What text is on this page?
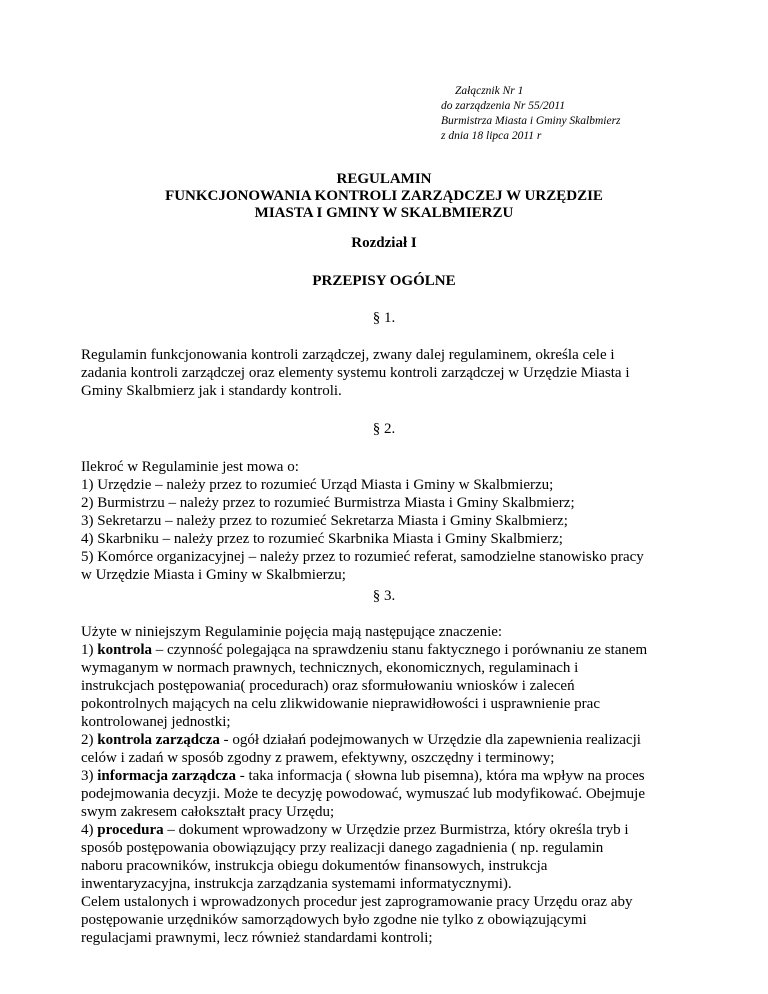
Załącznik Nr 1
do zarządzenia Nr 55/2011
Burmistrza Miasta i Gminy Skalbmierz
z dnia 18 lipca 2011 r
REGULAMIN
FUNKCJONOWANIA KONTROLI ZARZĄDCZEJ W URZĘDZIE
MIASTA I GMINY W SKALBMIERZU
Rozdział I
PRZEPISY OGÓLNE
§ 1.
Regulamin funkcjonowania kontroli zarządczej, zwany dalej regulaminem, określa cele i
zadania kontroli zarządczej oraz elementy systemu kontroli zarządczej w Urzędzie Miasta i
Gminy Skalbmierz jak i standardy kontroli.
§ 2.
Ilekroć w Regulaminie jest mowa o:
1) Urzędzie – należy przez to rozumieć Urząd Miasta i Gminy w Skalbmierzu;
2) Burmistrzu – należy przez to rozumieć Burmistrza Miasta i Gminy Skalbmierz;
3) Sekretarzu – należy przez to rozumieć Sekretarza Miasta i Gminy Skalbmierz;
4) Skarbniku – należy przez to rozumieć Skarbnika Miasta i Gminy Skalbmierz;
5) Komórce organizacyjnej – należy przez to rozumieć referat, samodzielne stanowisko pracy
w Urzędzie Miasta i Gminy w Skalbmierzu;
§ 3.
Użyte w niniejszym Regulaminie pojęcia mają następujące znaczenie:
1) kontrola – czynność polegająca na sprawdzeniu stanu faktycznego i porównaniu ze stanem
wymaganym w normach prawnych, technicznych, ekonomicznych, regulaminach i
instrukcjach postępowania( procedurach) oraz sformułowaniu wniosków i zaleceń
pokontrolnych mających na celu zlikwidowanie nieprawidłowości i usprawnienie prac
kontrolowanej jednostki;
2) kontrola zarządcza - ogół działań podejmowanych w Urzędzie dla zapewnienia realizacji
celów i zadań w sposób zgodny z prawem, efektywny, oszczędny i terminowy;
3) informacja zarządcza - taka informacja ( słowna lub pisemna), która ma wpływ na proces
podejmowania decyzji. Może te decyzję powodować, wymuszać lub modyfikować. Obejmuje
swym zakresem całokształt pracy Urzędu;
4) procedura – dokument wprowadzony w Urzędzie przez Burmistrza, który określa tryb i
sposób postępowania obowiązujący przy realizacji danego zagadnienia ( np. regulamin
naboru pracowników, instrukcja obiegu dokumentów finansowych, instrukcja
inwentaryzacyjna, instrukcja zarządzania systemami informatycznymi).
Celem ustalonych i wprowadzonych procedur jest zaprogramowanie pracy Urzędu oraz aby
postępowanie urzędników samorządowych było zgodne nie tylko z obowiązującymi
regulacjami prawnymi, lecz również standardami kontroli;
